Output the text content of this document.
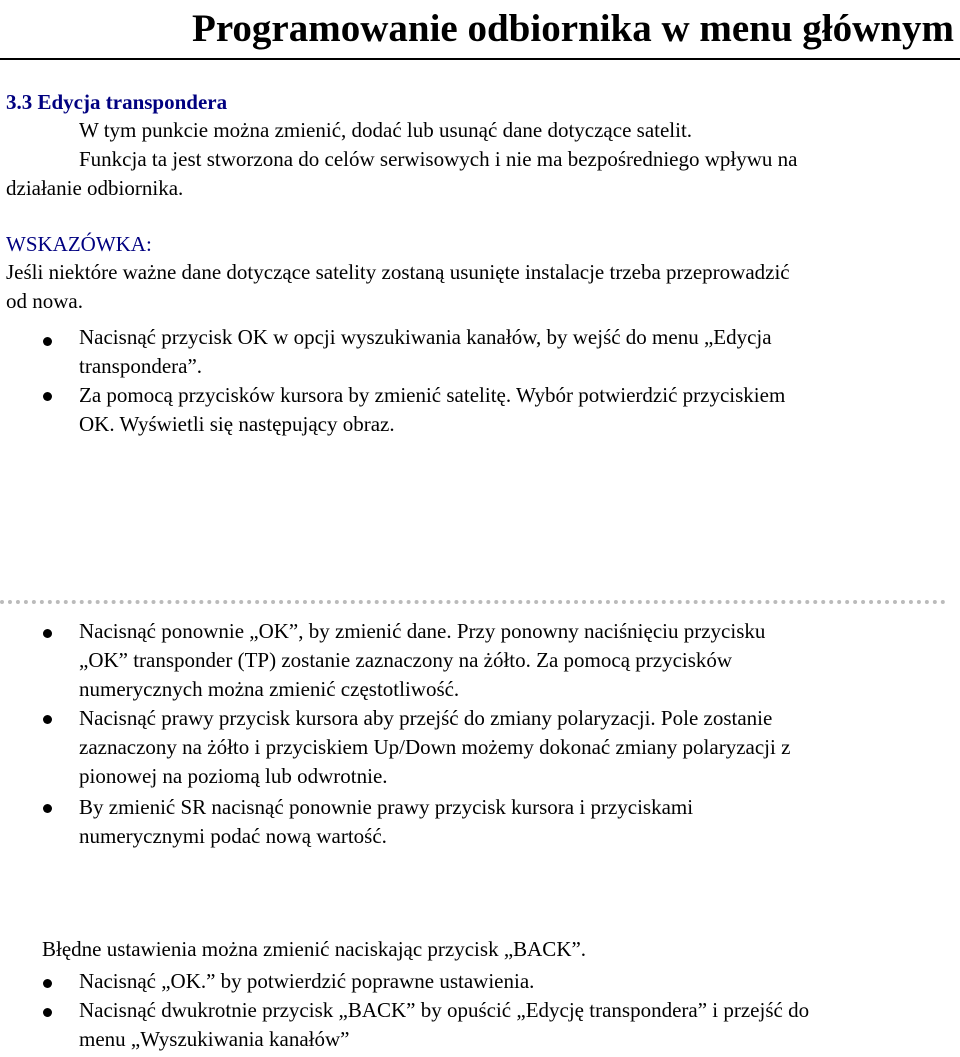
Programowanie odbiornika w menu głównym
3.3 Edycja transpondera
W tym punkcie można zmienić, dodać lub usunąć dane dotyczące satelit.
Funkcja ta jest stworzona do celów serwisowych i nie ma bezpośredniego wpływu na
działanie odbiornika.
WSKAZÓWKA:
Jeśli niektóre ważne dane dotyczące satelity zostaną usunięte instalacje trzeba przeprowadzić
od nowa.
Nacisnąć przycisk OK w opcji wyszukiwania kanałów, by wejść do menu „Edycja
transpondera”.
Za pomocą przycisków kursora by zmienić satelitę. Wybór potwierdzić przyciskiem
OK. Wyświetli się następujący obraz.
Nacisnąć ponownie „OK”, by zmienić dane. Przy ponowny naciśnięciu przycisku
„OK” transponder (TP) zostanie zaznaczony na żółto. Za pomocą przycisków
numerycznych można zmienić częstotliwość.
Nacisnąć prawy przycisk kursora aby przejść do zmiany polaryzacji. Pole zostanie
zaznaczony na żółto i przyciskiem Up/Down możemy dokonać zmiany polaryzacji z
pionowej na poziomą lub odwrotnie.
By zmienić SR nacisnąć ponownie prawy przycisk kursora i przyciskami
numerycznymi podać nową wartość.
Błędne ustawienia można zmienić naciskając przycisk „BACK”.
Nacisnąć „OK.” by potwierdzić poprawne ustawienia.
Nacisnąć dwukrotnie przycisk „BACK” by opuścić „Edycję transpondera” i przejść do
menu „Wyszukiwania kanałów”
